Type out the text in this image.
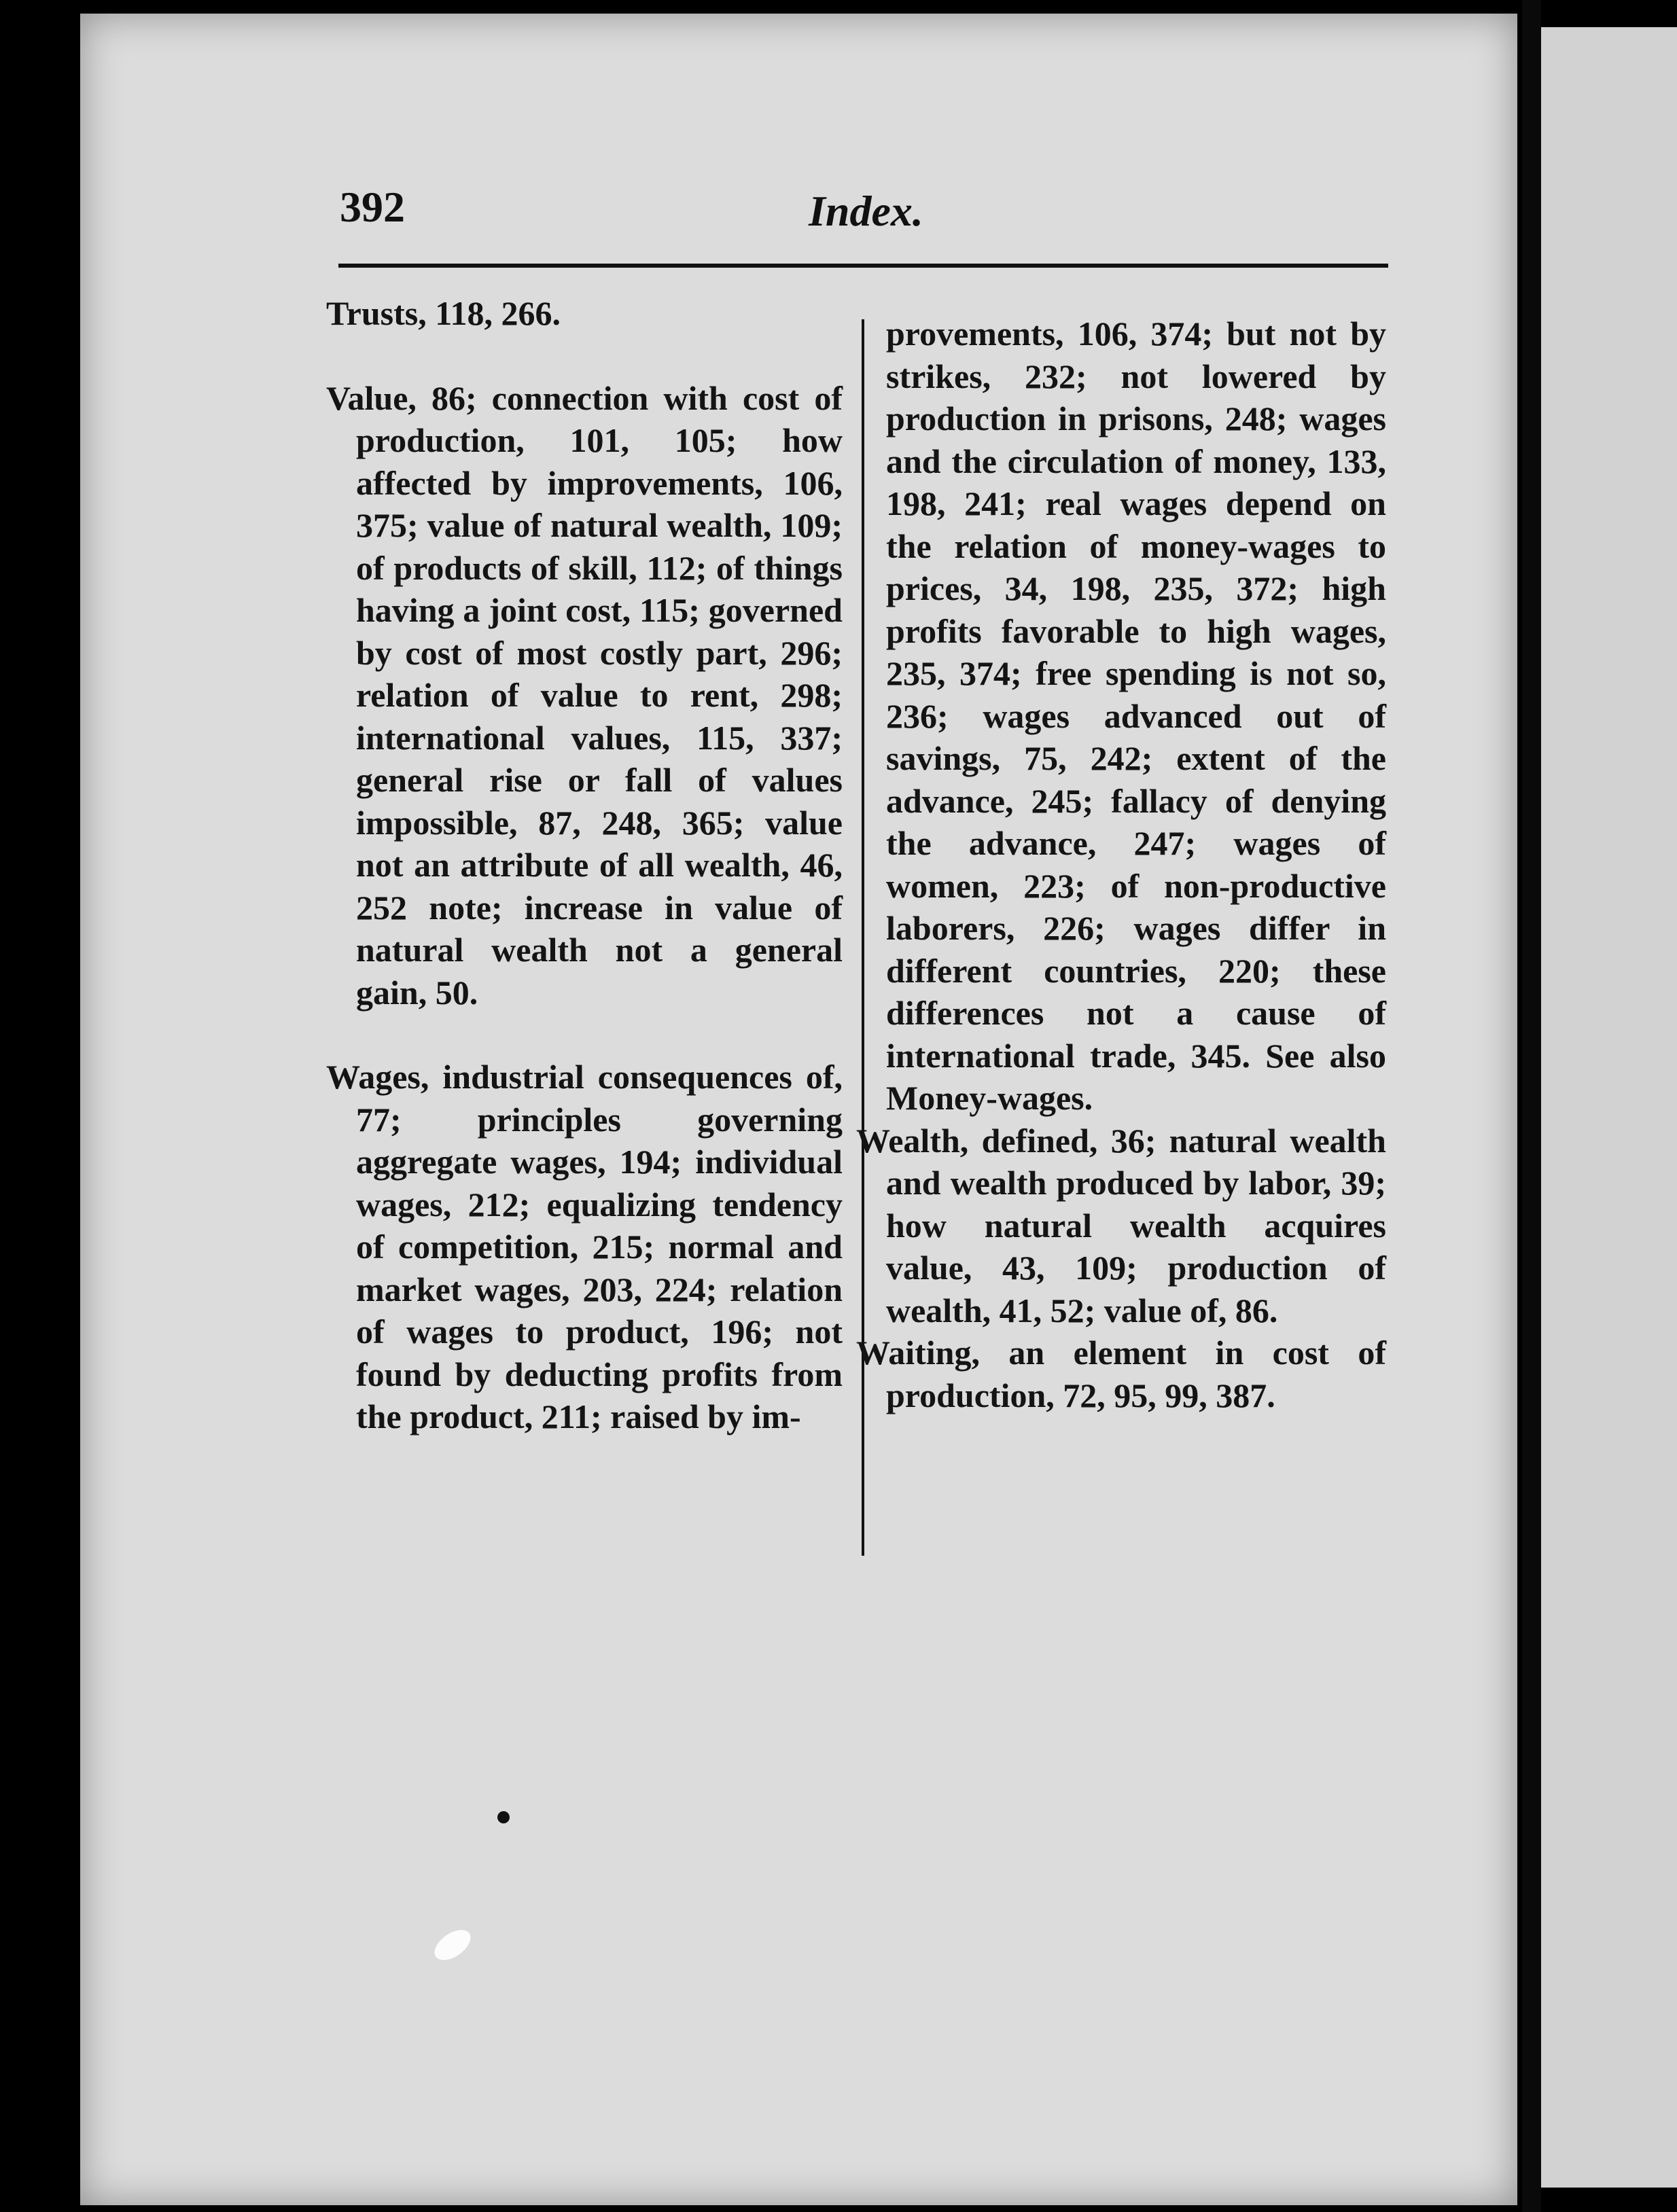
392	Index.

Trusts, 118, 266.

Value, 86; connection with cost of production, 101, 105; how affected by improvements, 106, 375; value of natural wealth, 109; of products of skill, 112; of things having a joint cost, 115; governed by cost of most costly part, 296; relation of value to rent, 298; international values, 115, 337; general rise or fall of values impossible, 87, 248, 365; value not an attribute of all wealth, 46, 252 note; increase in value of natural wealth not a general gain, 50.

Wages, industrial consequences of, 77; principles governing aggregate wages, 194; individual wages, 212; equalizing tendency of competition, 215; normal and market wages, 203, 224; relation of wages to product, 196; not found by deducting profits from the product, 211; raised by im-

provements, 106, 374; but not by strikes, 232; not lowered by production in prisons, 248; wages and the circulation of money, 133, 198, 241; real wages depend on the relation of money-wages to prices, 34, 198, 235, 372; high profits favorable to high wages, 235, 374; free spending is not so, 236; wages advanced out of savings, 75, 242; extent of the advance, 245; fallacy of denying the advance, 247; wages of women, 223; of non-productive laborers, 226; wages differ in different countries, 220; these differences not a cause of international trade, 345. See also Money-wages.

Wealth, defined, 36; natural wealth and wealth produced by labor, 39; how natural wealth acquires value, 43, 109; production of wealth, 41, 52; value of, 86.

Waiting, an element in cost of production, 72, 95, 99, 387.
